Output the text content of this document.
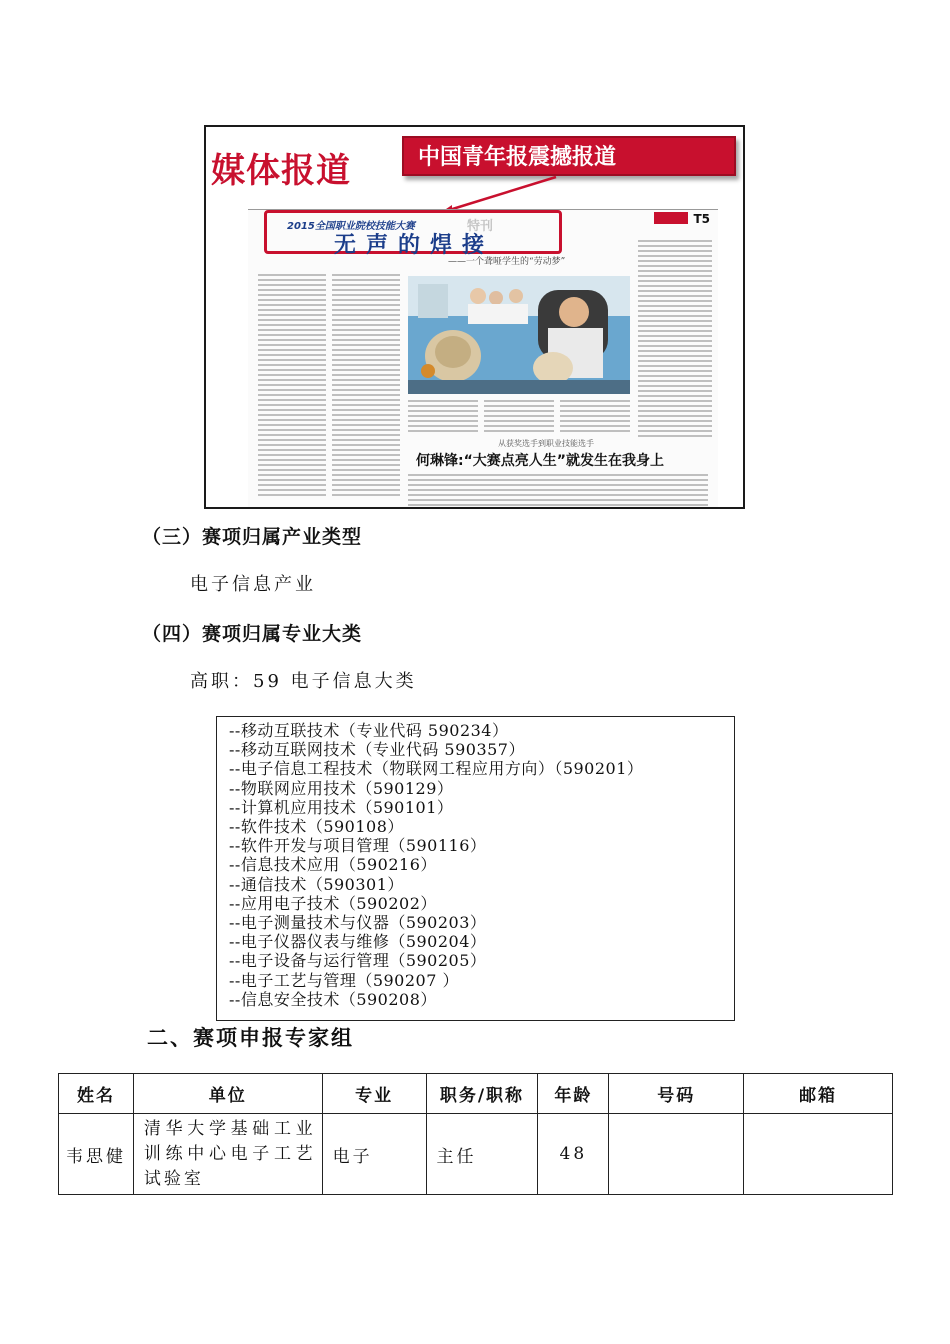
媒体报道	中国青年报震撼报道
T5
2015全国职业院校技能大赛	特刊
无声的焊接
——一个聋哑学生的“劳动梦”
从获奖选手到职业技能选手
何琳锋:“大赛点亮人生”就发生在我身上
（三）赛项归属产业类型
电子信息产业
（四）赛项归属专业大类
高职：59 电子信息大类
--移动互联技术（专业代码 590234）
--移动互联网技术（专业代码 590357）
--电子信息工程技术（物联网工程应用方向）（590201）
--物联网应用技术（590129）
--计算机应用技术（590101）
--软件技术（590108）
--软件开发与项目管理（590116）
--信息技术应用（590216）
--通信技术（590301）
--应用电子技术（590202）
--电子测量技术与仪器（590203）
--电子仪器仪表与维修（590204）
--电子设备与运行管理（590205）
--电子工艺与管理（590207 ）
--信息安全技术（590208）
二、赛项申报专家组
姓名	单位	专业	职务/职称	年龄	号码	邮箱
韦思健	清华大学基础工业训练中心电子工艺试验室	电子	主任	48		
